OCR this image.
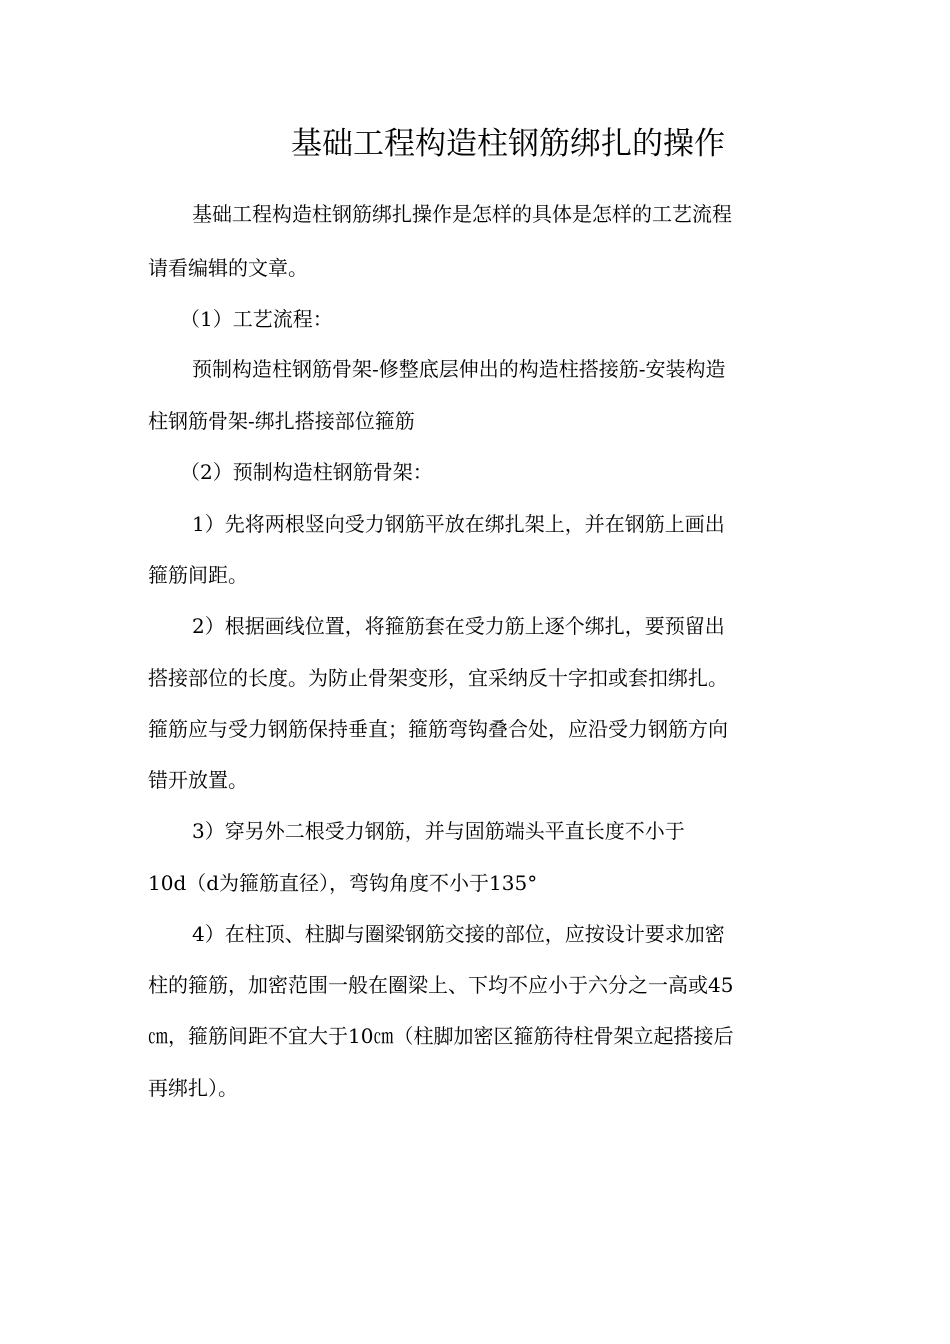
基础工程构造柱钢筋绑扎的操作

基础工程构造柱钢筋绑扎操作是怎样的具体是怎样的工艺流程

请看编辑的文章。

（1）工艺流程：

预制构造柱钢筋骨架-修整底层伸出的构造柱搭接筋-安装构造

柱钢筋骨架-绑扎搭接部位箍筋

（2）预制构造柱钢筋骨架：

1）先将两根竖向受力钢筋平放在绑扎架上，并在钢筋上画出

箍筋间距。

2）根据画线位置，将箍筋套在受力筋上逐个绑扎，要预留出

搭接部位的长度。为防止骨架变形，宜采纳反十字扣或套扣绑扎。

箍筋应与受力钢筋保持垂直；箍筋弯钩叠合处，应沿受力钢筋方向

错开放置。

3）穿另外二根受力钢筋，并与固筋端头平直长度不小于

10d（d为箍筋直径），弯钩角度不小于135°

4）在柱顶、柱脚与圈梁钢筋交接的部位，应按设计要求加密

柱的箍筋，加密范围一般在圈梁上、下均不应小于六分之一高或45

㎝，箍筋间距不宜大于10㎝（柱脚加密区箍筋待柱骨架立起搭接后

再绑扎）。
